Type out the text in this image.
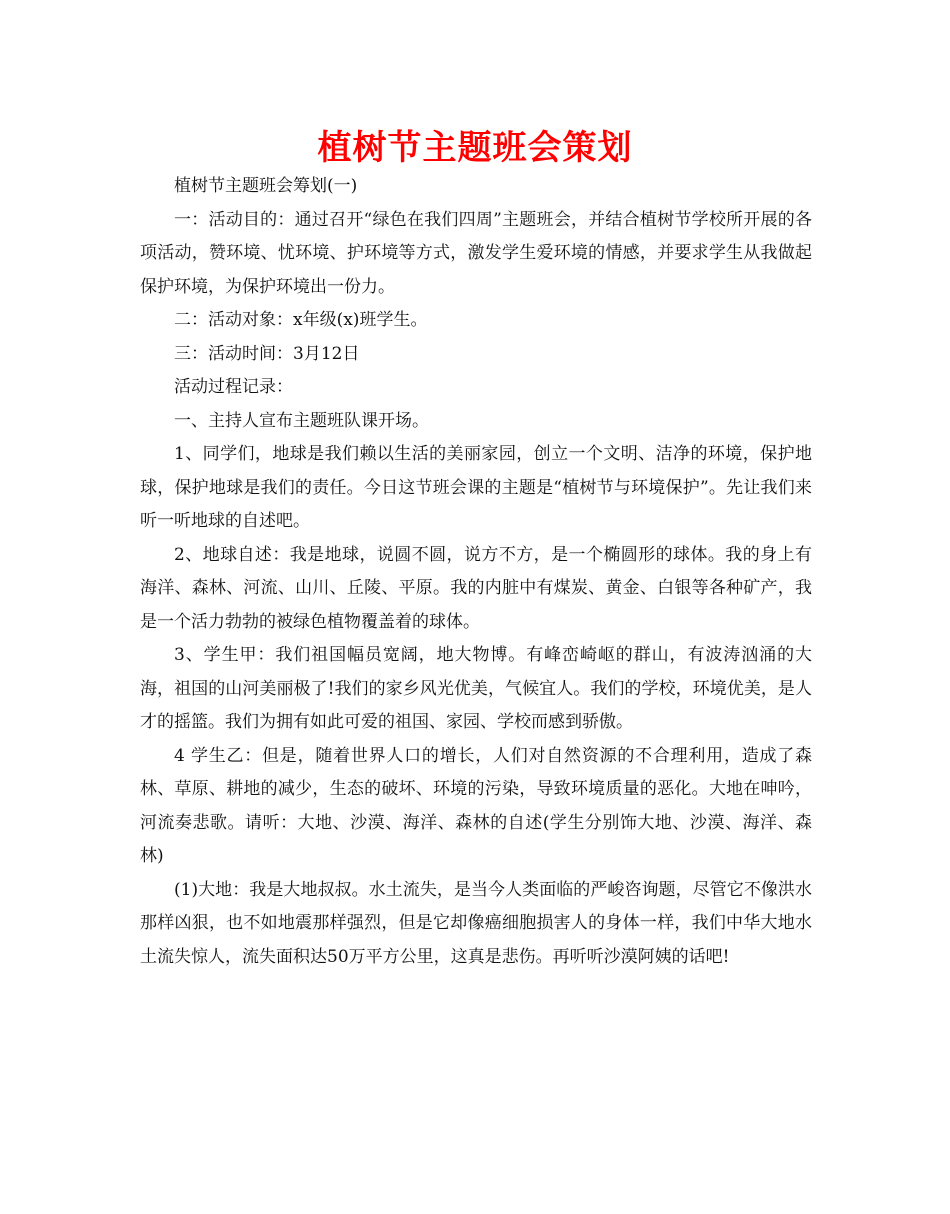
植树节主题班会策划

植树节主题班会筹划(一)

一：活动目的：通过召开“绿色在我们四周”主题班会，并结合植树节学校所开展的各项活动，赞环境、忧环境、护环境等方式，激发学生爱环境的情感，并要求学生从我做起保护环境，为保护环境出一份力。

二：活动对象：x年级(x)班学生。

三：活动时间：3月12日

活动过程记录：

一、主持人宣布主题班队课开场。

1、同学们，地球是我们赖以生活的美丽家园，创立一个文明、洁净的环境，保护地球，保护地球是我们的责任。今日这节班会课的主题是“植树节与环境保护”。先让我们来听一听地球的自述吧。

2、地球自述：我是地球，说圆不圆，说方不方，是一个椭圆形的球体。我的身上有海洋、森林、河流、山川、丘陵、平原。我的内脏中有煤炭、黄金、白银等各种矿产，我是一个活力勃勃的被绿色植物覆盖着的球体。

3、学生甲：我们祖国幅员宽阔，地大物博。有峰峦崎岖的群山，有波涛汹涌的大海，祖国的山河美丽极了!我们的家乡风光优美，气候宜人。我们的学校，环境优美，是人才的摇篮。我们为拥有如此可爱的祖国、家园、学校而感到骄傲。

4 学生乙：但是，随着世界人口的增长，人们对自然资源的不合理利用，造成了森林、草原、耕地的减少，生态的破坏、环境的污染，导致环境质量的恶化。大地在呻吟，河流奏悲歌。请听：大地、沙漠、海洋、森林的自述(学生分别饰大地、沙漠、海洋、森林)

(1)大地：我是大地叔叔。水土流失，是当今人类面临的严峻咨询题，尽管它不像洪水那样凶狠，也不如地震那样强烈，但是它却像癌细胞损害人的身体一样，我们中华大地水土流失惊人，流失面积达50万平方公里，这真是悲伤。再听听沙漠阿姨的话吧!
